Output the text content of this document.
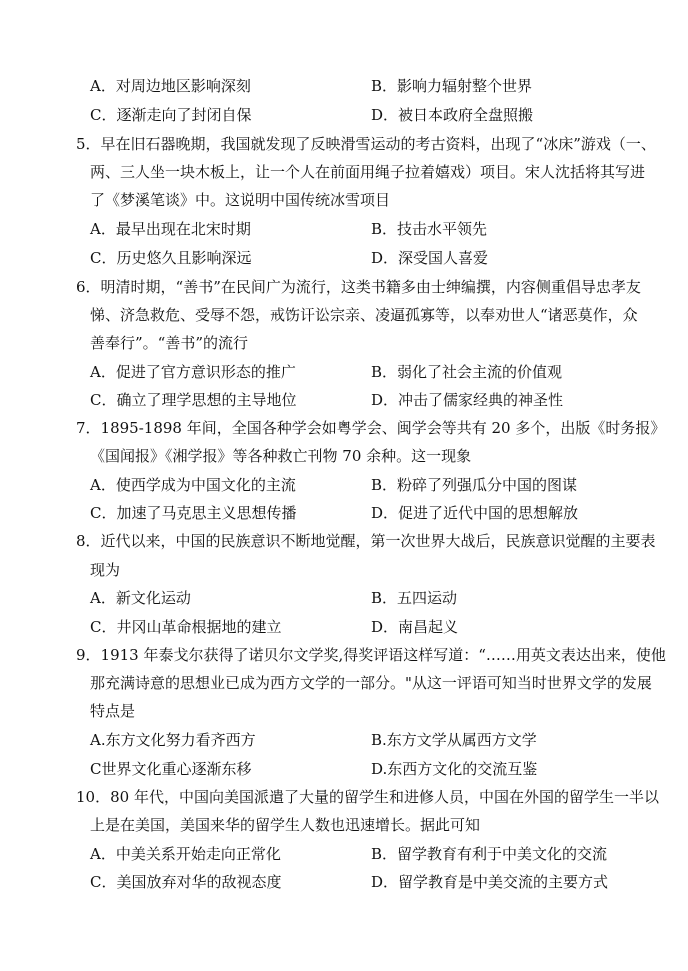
A．对周边地区影响深刻	B．影响力辐射整个世界
C．逐渐走向了封闭自保	D．被日本政府全盘照搬
5．早在旧石器晚期，我国就发现了反映滑雪运动的考古资料，出现了“冰床”游戏（一、
两、三人坐一块木板上，让一个人在前面用绳子拉着嬉戏）项目。宋人沈括将其写进
了《梦溪笔谈》中。这说明中国传统冰雪项目
A．最早出现在北宋时期	B．技击水平领先
C．历史悠久且影响深远	D．深受国人喜爱
6．明清时期，“善书”在民间广为流行，这类书籍多由士绅编撰，内容侧重倡导忠孝友
悌、济急救危、受辱不怨，戒饬讦讼宗亲、凌逼孤寡等，以奉劝世人“诸恶莫作，众
善奉行”。“善书”的流行
A．促进了官方意识形态的推广	B．弱化了社会主流的价值观
C．确立了理学思想的主导地位	D．冲击了儒家经典的神圣性
7．1895-1898 年间，全国各种学会如粤学会、闽学会等共有 20 多个，出版《时务报》
《国闻报》《湘学报》等各种救亡刊物 70 余种。这一现象
A．使西学成为中国文化的主流	B．粉碎了列强瓜分中国的图谋
C．加速了马克思主义思想传播	D．促进了近代中国的思想解放
8．近代以来，中国的民族意识不断地觉醒，第一次世界大战后，民族意识觉醒的主要表
现为
A．新文化运动	B．五四运动
C．井冈山革命根据地的建立	D．南昌起义
9．1913 年泰戈尔获得了诺贝尔文学奖,得奖评语这样写道：“……用英文表达出来，使他
那充满诗意的思想业已成为西方文学的一部分。"从这一评语可知当时世界文学的发展
特点是
A.东方文化努力看齐西方	B.东方文学从属西方文学
C世界文化重心逐渐东移	D.东西方文化的交流互鉴
10．80 年代，中国向美国派遣了大量的留学生和进修人员，中国在外国的留学生一半以
上是在美国，美国来华的留学生人数也迅速增长。据此可知
A．中美关系开始走向正常化	B．留学教育有利于中美文化的交流
C．美国放弃对华的敌视态度	D．留学教育是中美交流的主要方式
